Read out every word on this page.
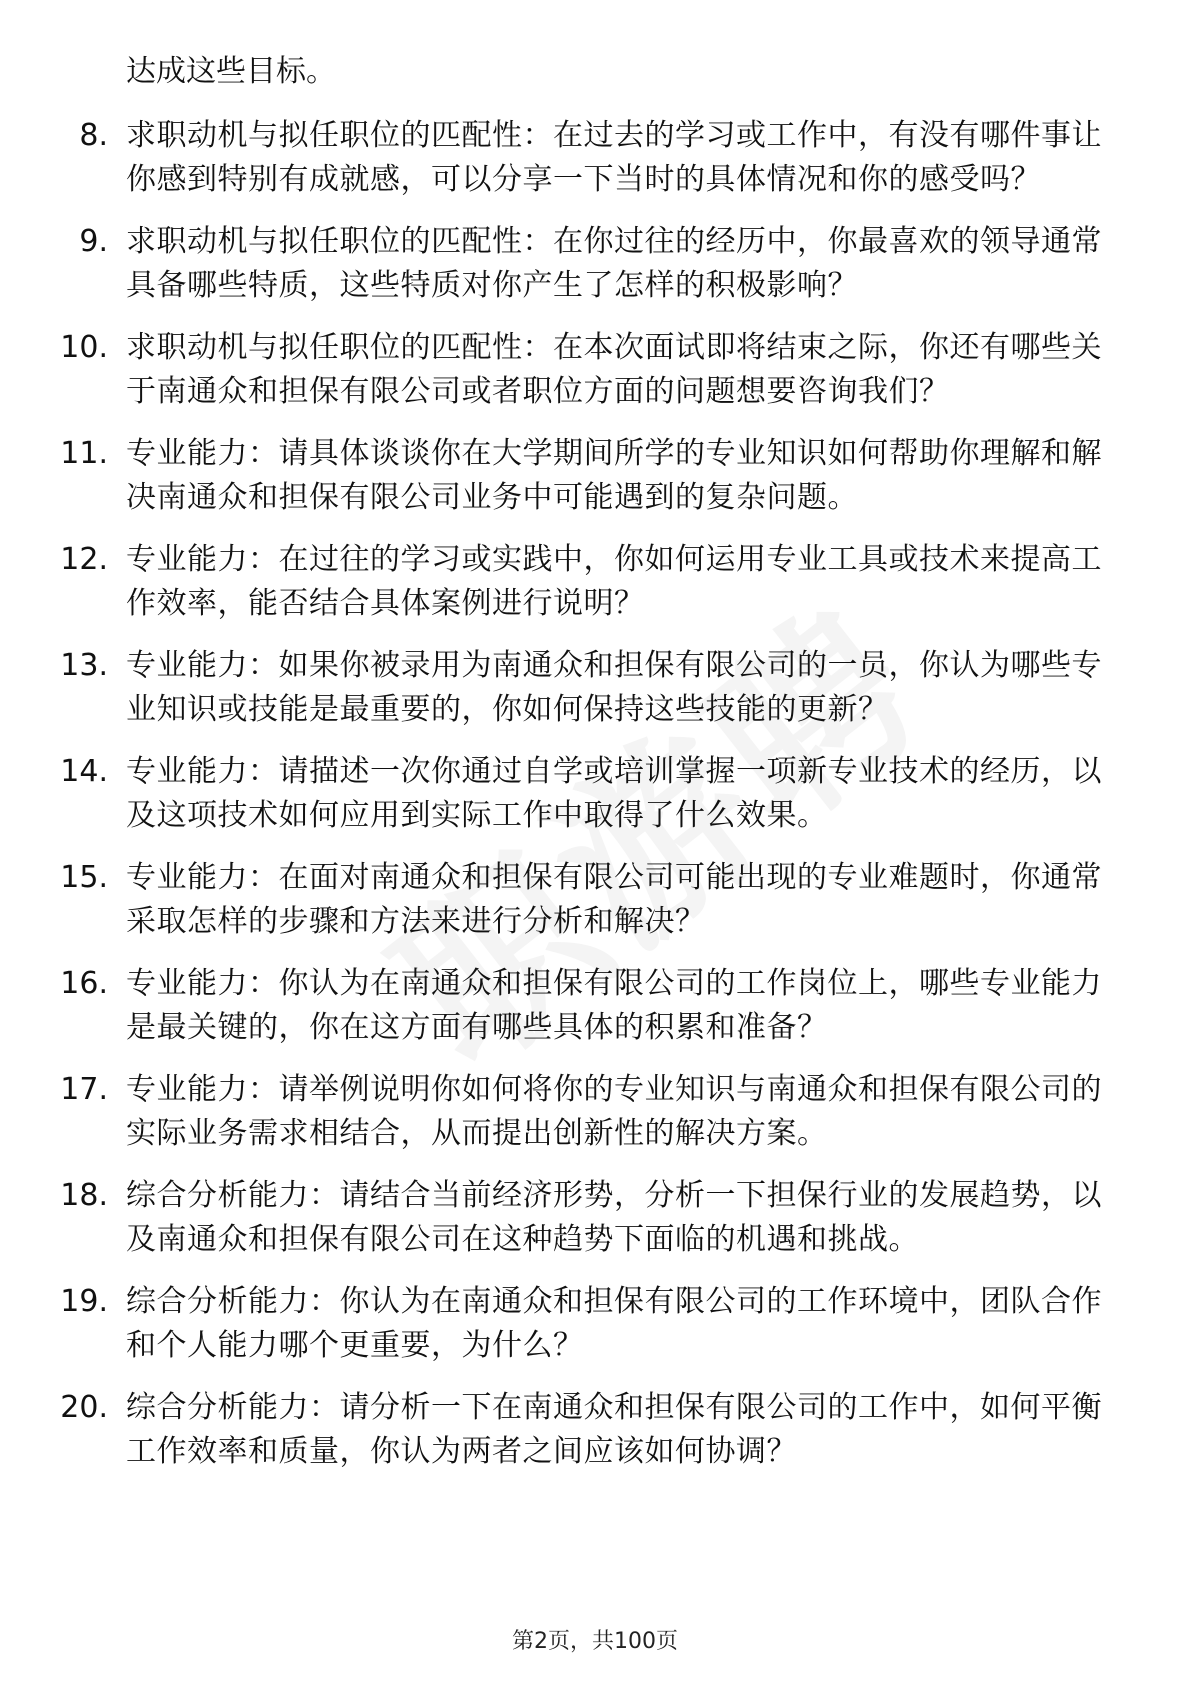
达成这些目标。
8. 求职动机与拟任职位的匹配性：在过去的学习或工作中，有没有哪件事让你感到特别有成就感，可以分享一下当时的具体情况和你的感受吗？
9. 求职动机与拟任职位的匹配性：在你过往的经历中，你最喜欢的领导通常具备哪些特质，这些特质对你产生了怎样的积极影响？
10. 求职动机与拟任职位的匹配性：在本次面试即将结束之际，你还有哪些关于南通众和担保有限公司或者职位方面的问题想要咨询我们？
11. 专业能力：请具体谈谈你在大学期间所学的专业知识如何帮助你理解和解决南通众和担保有限公司业务中可能遇到的复杂问题。
12. 专业能力：在过往的学习或实践中，你如何运用专业工具或技术来提高工作效率，能否结合具体案例进行说明？
13. 专业能力：如果你被录用为南通众和担保有限公司的一员，你认为哪些专业知识或技能是最重要的，你如何保持这些技能的更新？
14. 专业能力：请描述一次你通过自学或培训掌握一项新专业技术的经历，以及这项技术如何应用到实际工作中取得了什么效果。
15. 专业能力：在面对南通众和担保有限公司可能出现的专业难题时，你通常采取怎样的步骤和方法来进行分析和解决？
16. 专业能力：你认为在南通众和担保有限公司的工作岗位上，哪些专业能力是最关键的，你在这方面有哪些具体的积累和准备？
17. 专业能力：请举例说明你如何将你的专业知识与南通众和担保有限公司的实际业务需求相结合，从而提出创新性的解决方案。
18. 综合分析能力：请结合当前经济形势，分析一下担保行业的发展趋势，以及南通众和担保有限公司在这种趋势下面临的机遇和挑战。
19. 综合分析能力：你认为在南通众和担保有限公司的工作环境中，团队合作和个人能力哪个更重要，为什么？
20. 综合分析能力：请分析一下在南通众和担保有限公司的工作中，如何平衡工作效率和质量，你认为两者之间应该如何协调？
第2页，共100页
